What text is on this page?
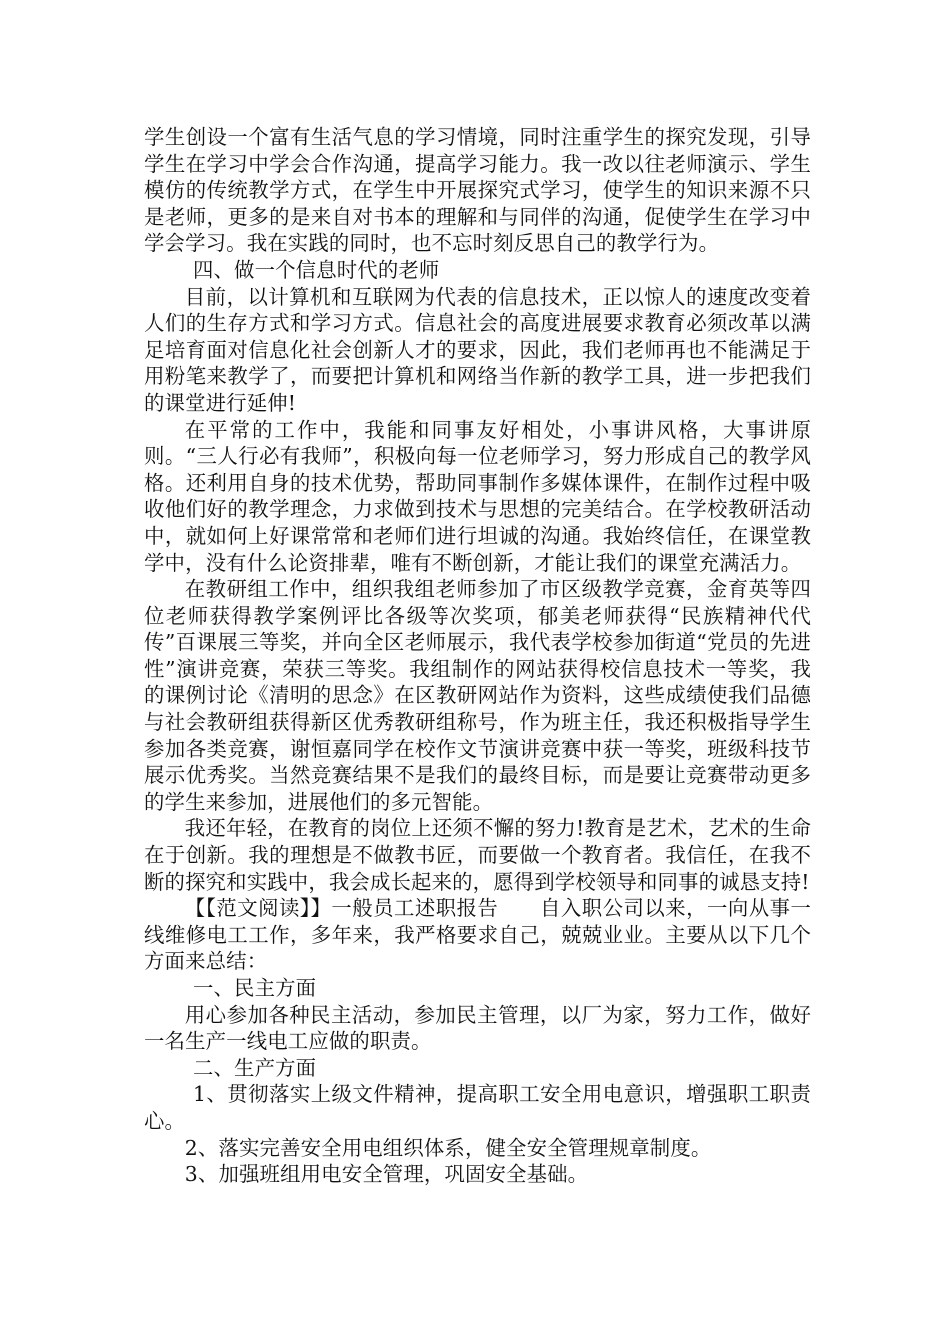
学生创设一个富有生活气息的学习情境，同时注重学生的探究发现，引导学生在学习中学会合作沟通，提高学习能力。我一改以往老师演示、学生模仿的传统教学方式，在学生中开展探究式学习，使学生的知识来源不只是老师，更多的是来自对书本的理解和与同伴的沟通，促使学生在学习中学会学习。我在实践的同时，也不忘时刻反思自己的教学行为。

四、做一个信息时代的老师

目前，以计算机和互联网为代表的信息技术，正以惊人的速度改变着人们的生存方式和学习方式。信息社会的高度进展要求教育必须改革以满足培育面对信息化社会创新人才的要求，因此，我们老师再也不能满足于用粉笔来教学了，而要把计算机和网络当作新的教学工具，进一步把我们的课堂进行延伸!

在平常的工作中，我能和同事友好相处，小事讲风格，大事讲原则。“三人行必有我师”，积极向每一位老师学习，努力形成自己的教学风格。还利用自身的技术优势，帮助同事制作多媒体课件，在制作过程中吸收他们好的教学理念，力求做到技术与思想的完美结合。在学校教研活动中，就如何上好课常常和老师们进行坦诚的沟通。我始终信任，在课堂教学中，没有什么论资排辈，唯有不断创新，才能让我们的课堂充满活力。

在教研组工作中，组织我组老师参加了市区级教学竞赛，金育英等四位老师获得教学案例评比各级等次奖项，郁美老师获得“民族精神代代传”百课展三等奖，并向全区老师展示，我代表学校参加街道“党员的先进性”演讲竞赛，荣获三等奖。我组制作的网站获得校信息技术一等奖，我的课例讨论《清明的思念》在区教研网站作为资料，这些成绩使我们品德与社会教研组获得新区优秀教研组称号，作为班主任，我还积极指导学生参加各类竞赛，谢恒嘉同学在校作文节演讲竞赛中获一等奖，班级科技节展示优秀奖。当然竞赛结果不是我们的最终目标，而是要让竞赛带动更多的学生来参加，进展他们的多元智能。

我还年轻，在教育的岗位上还须不懈的努力!教育是艺术，艺术的生命在于创新。我的理想是不做教书匠，而要做一个教育者。我信任，在我不断的探究和实践中，我会成长起来的，愿得到学校领导和同事的诚恳支持!

【【范文阅读】】一般员工述职报告　　自入职公司以来，一向从事一线维修电工工作，多年来，我严格要求自己，兢兢业业。主要从以下几个方面来总结：

一、民主方面

用心参加各种民主活动，参加民主管理，以厂为家，努力工作，做好一名生产一线电工应做的职责。

二、生产方面

1、贯彻落实上级文件精神，提高职工安全用电意识，增强职工职责心。

2、落实完善安全用电组织体系，健全安全管理规章制度。

3、加强班组用电安全管理，巩固安全基础。
